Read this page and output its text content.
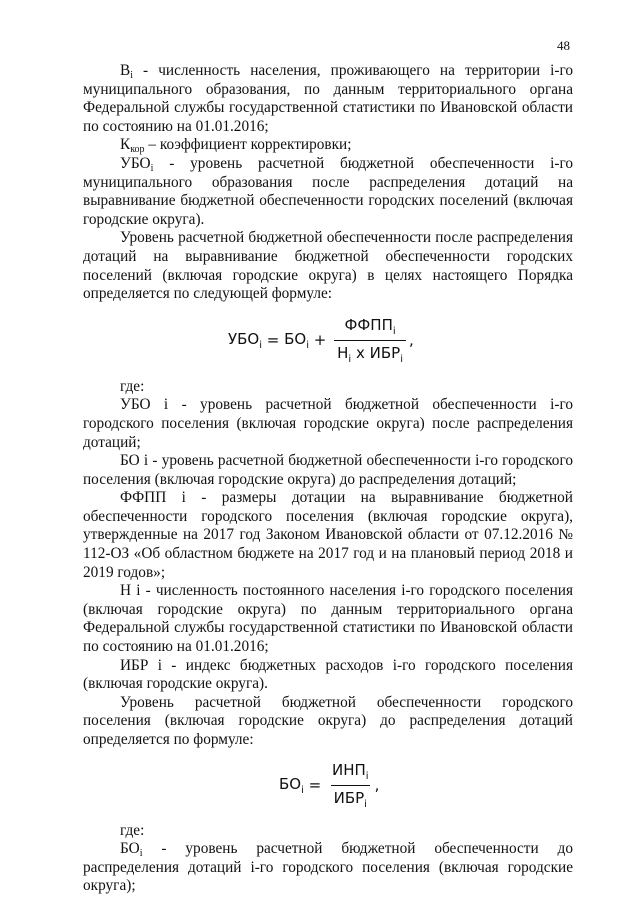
48

$B_i$ - численность населения, проживающего на территории i-го муниципального образования, по данным территориального органа Федеральной службы государственной статистики по Ивановской области по состоянию на 01.01.2016;

$К_{кор}$ – коэффициент корректировки;

$УБО_i$ - уровень расчетной бюджетной обеспеченности i-го муниципального образования после распределения дотаций на выравнивание бюджетной обеспеченности городских поселений (включая городские округа).

Уровень расчетной бюджетной обеспеченности после распределения дотаций на выравнивание бюджетной обеспеченности городских поселений (включая городские округа) в целях настоящего Порядка определяется по следующей формуле:

$УБО_i = БО_i + \frac{ФФПП_i}{Н_i x ИБР_i}$ ,

где:

УБО i - уровень расчетной бюджетной обеспеченности i-го городского поселения (включая городские округа) после распределения дотаций;

БО i - уровень расчетной бюджетной обеспеченности i-го городского поселения (включая городские округа) до распределения дотаций;

ФФПП i - размеры дотации на выравнивание бюджетной обеспеченности городского поселения (включая городские округа), утвержденные на 2017 год Законом Ивановской области от 07.12.2016 № 112-ОЗ «Об областном бюджете на 2017 год и на плановый период 2018 и 2019 годов»;

Н i - численность постоянного населения i-го городского поселения (включая городские округа) по данным территориального органа Федеральной службы государственной статистики по Ивановской области по состоянию на 01.01.2016;

ИБР i - индекс бюджетных расходов i-го городского поселения (включая городские округа).

Уровень расчетной бюджетной обеспеченности городского поселения (включая городские округа) до распределения дотаций определяется по формуле:

$БО_i = \frac{ИНП_i}{ИБР_i}$ ,

где:

$БО_i$ - уровень расчетной бюджетной обеспеченности до распределения дотаций i-го городского поселения (включая городские округа);
